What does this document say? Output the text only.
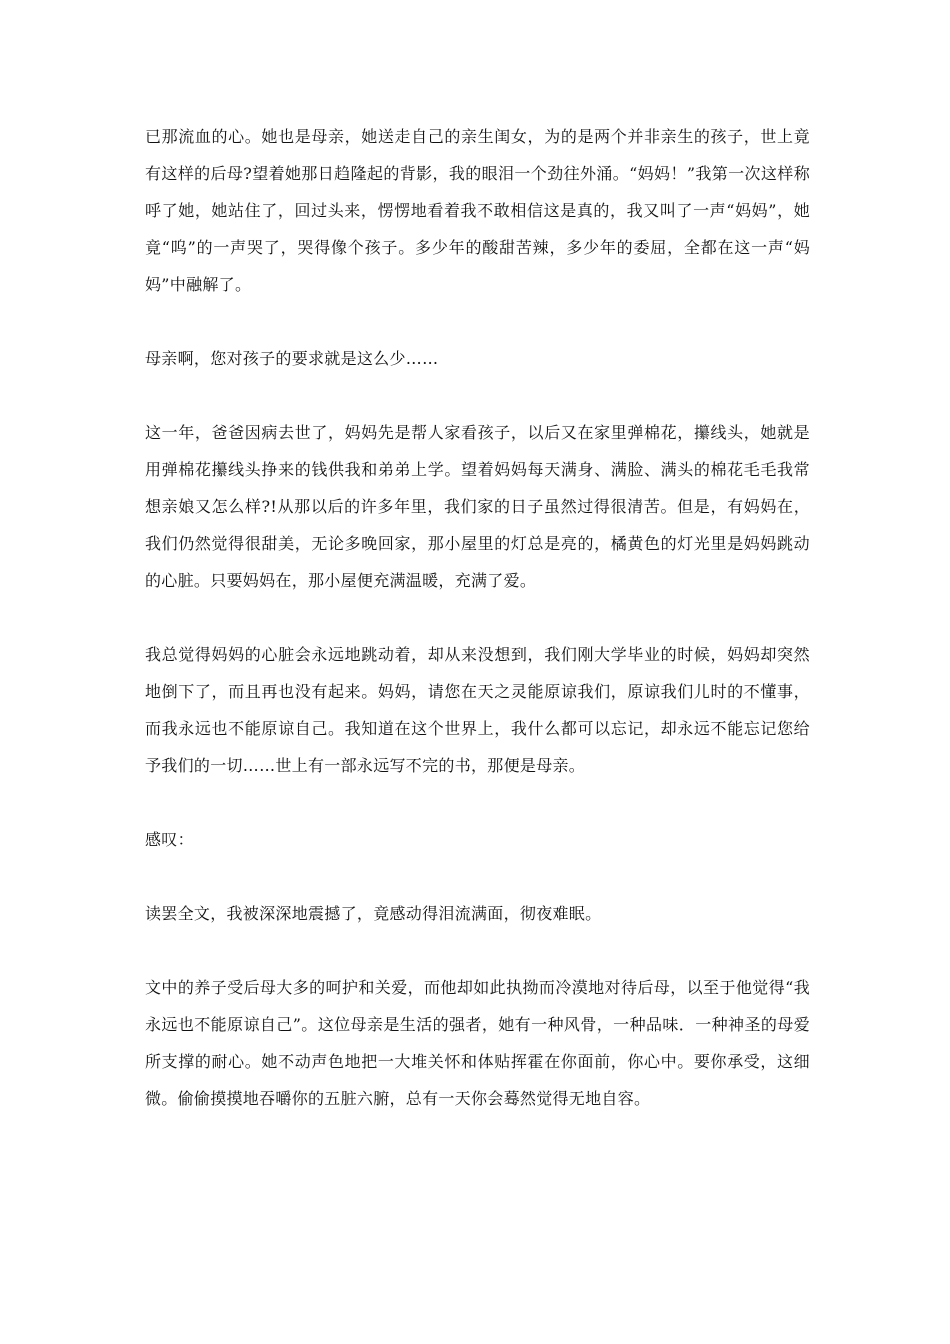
已那流血的心。她也是母亲，她送走自己的亲生闺女，为的是两个并非亲生的孩子，世上竟有这样的后母?望着她那日趋隆起的背影，我的眼泪一个劲往外涌。“妈妈！”我第一次这样称呼了她，她站住了，回过头来，愣愣地看着我不敢相信这是真的，我又叫了一声“妈妈”，她竟“呜”的一声哭了，哭得像个孩子。多少年的酸甜苦辣，多少年的委屈，全都在这一声“妈妈”中融解了。

母亲啊，您对孩子的要求就是这么少……

这一年，爸爸因病去世了，妈妈先是帮人家看孩子，以后又在家里弹棉花，攥线头，她就是用弹棉花攥线头挣来的钱供我和弟弟上学。望着妈妈每天满身、满脸、满头的棉花毛毛我常想亲娘又怎么样?!从那以后的许多年里，我们家的日子虽然过得很清苦。但是，有妈妈在，我们仍然觉得很甜美，无论多晚回家，那小屋里的灯总是亮的，橘黄色的灯光里是妈妈跳动的心脏。只要妈妈在，那小屋便充满温暖，充满了爱。

我总觉得妈妈的心脏会永远地跳动着，却从来没想到，我们刚大学毕业的时候，妈妈却突然地倒下了，而且再也没有起来。妈妈，请您在天之灵能原谅我们，原谅我们儿时的不懂事，而我永远也不能原谅自己。我知道在这个世界上，我什么都可以忘记，却永远不能忘记您给予我们的一切……世上有一部永远写不完的书，那便是母亲。

感叹：

读罢全文，我被深深地震撼了，竟感动得泪流满面，彻夜难眠。

文中的养子受后母大多的呵护和关爱，而他却如此执拗而冷漠地对待后母，以至于他觉得“我永远也不能原谅自己”。这位母亲是生活的强者，她有一种风骨，一种品味．一种神圣的母爱所支撑的耐心。她不动声色地把一大堆关怀和体贴挥霍在你面前，你心中。要你承受，这细微。偷偷摸摸地吞嚼你的五脏六腑，总有一天你会蓦然觉得无地自容。
